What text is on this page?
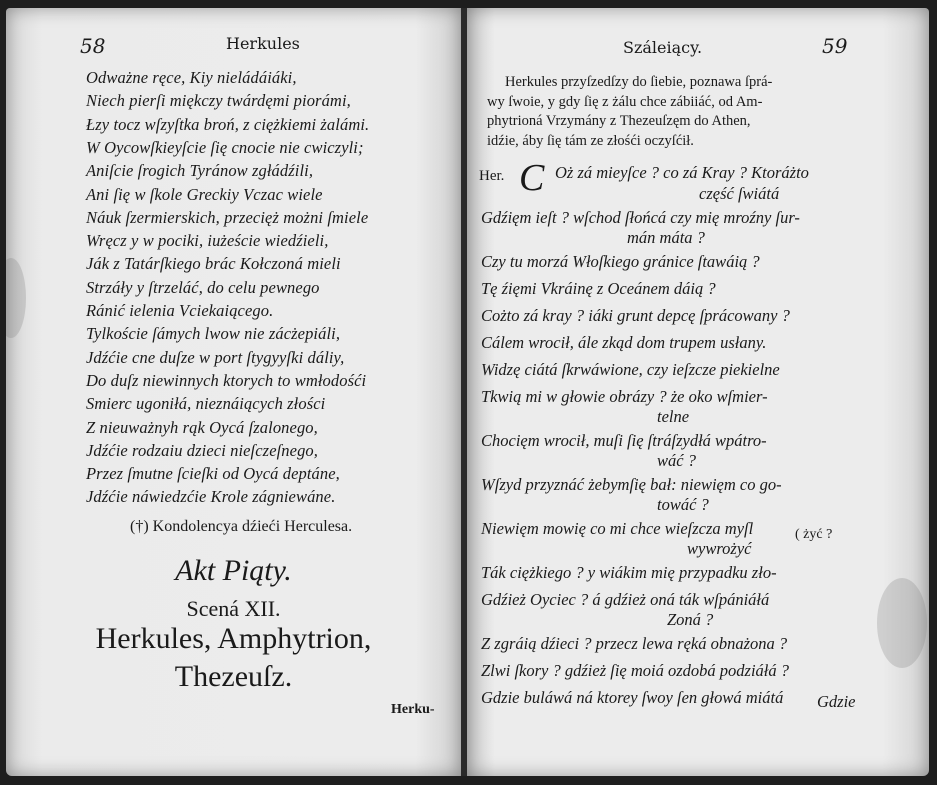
58	Herkules
Odważne ręce, Kiy nieládáiáki,
Niech pierſi miękczy twárdęmi piorámi,
Łzy tocz wſzyſtka broń, z ciężkiemi żalámi.
W Oycowſkieyſcie ſię cnocie nie cwiczyli;
Aniſcie ſrogich Tyránow zgłádźili,
Ani ſię w ſkole Greckiy Vczac wiele
Náuk ſzermierskich, przecięż możni ſmiele
Wręcz y w pociki, iużeście wiedźieli,
Ják z Tatárſkiego brác Kołczoná mieli
Strzáły y ſtrzeláć, do celu pewnego
Ránić ielenia Vciekaiącego.
Tylkoście ſámych lwow nie zácżepiáli,
Jdźćie cne duſze w port ſtygyyſki dáliy,
Do duſz niewinnych ktorych to wmłodośći
Smierc ugoniłá, nieznáiących złości
Z nieuważnyh rąk Oycá ſzalonego,
Jdźćie rodzaiu dzieci nieſczeſnego,
Przez ſmutne ſcieſki od Oycá deptáne,
Jdźćie náwiedzćie Krole zágniewáne.
(†) Kondolencya dźieći Herculesa.
Akt Piąty.
Scená XII.
Herkules, Amphytrion,
Thezeuſz.
Herku-
Száleiący.	59
Herkules przyſzedſzy do ſiebie, poznawa ſprá-
wy ſwoie, y gdy ſię z żálu chce zábiiáć, od Am-
phytrioná Vrzymány z Thezeuſzęm do Athen,
idźie, áby ſię tám ze złośći oczyſćił.
Her. C Oż zá mieyſce ? co zá Kray ? Ktoráżto
część ſwiátá
Gdźięm ieſt ? wſchod ſłońcá czy mię mroźny ſur-
mán máta ?
Czy tu morzá Włoſkiego gránice ſtawáią ?
Tę źięmi Vkráinę z Oceánem dáią ?
Cożto zá kray ? iáki grunt depcę ſprácowany ?
Cálem wrocił, ále zkąd dom trupem usłany.
Widzę ciátá ſkrwáwione, czy ieſzcze piekielne
Tkwią mi w głowie obrázy ? że oko wſmier-
telne
Chocięm wrocił, muſi ſię ſtráſzydłá wpátro-
wáć ?
Wſzyd przyznáć żebymſię bał: niewięm co go-
towáć ?
Niewięm mowię co mi chce wieſzcza myſl
wywrożyć
Ták ciężkiego ? y wiákim mię przypadku zło-
Gdźież Oyciec ? á gdźież oná ták wſpániáłá
Zoná ?
Z zgráią dźieci ? przecz lewa ręká obnażona ?
Zlwi ſkory ? gdźież ſię moiá ozdobá podziáłá ?
Gdzie buláwá ná ktorey ſwoy ſen głowá miátá
( żyć ?
Gdzie
